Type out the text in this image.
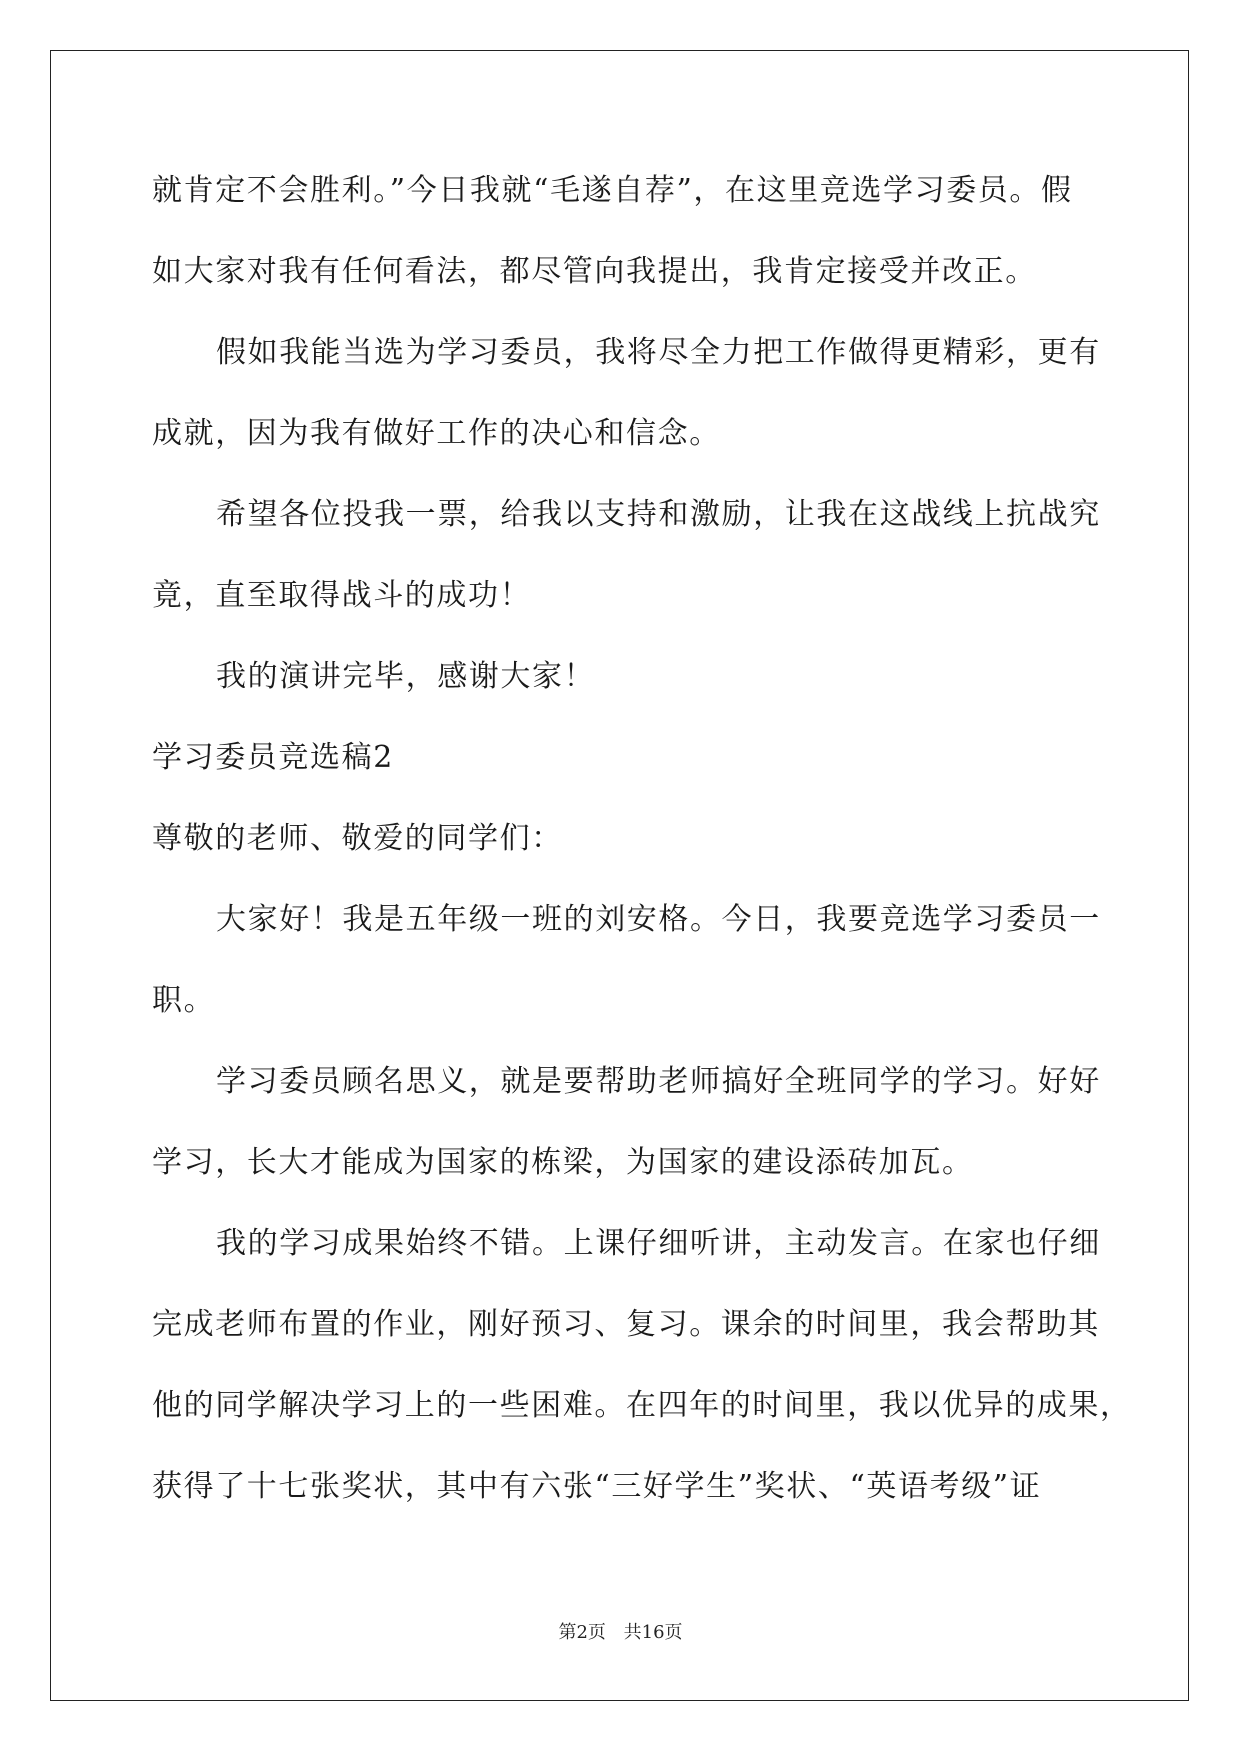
就肯定不会胜利。”今日我就“毛遂自荐”，在这里竞选学习委员。假
如大家对我有任何看法，都尽管向我提出，我肯定接受并改正。
假如我能当选为学习委员，我将尽全力把工作做得更精彩，更有
成就，因为我有做好工作的决心和信念。
希望各位投我一票，给我以支持和激励，让我在这战线上抗战究
竟，直至取得战斗的成功！
我的演讲完毕，感谢大家！
学习委员竞选稿2
尊敬的老师、敬爱的同学们：
大家好！我是五年级一班的刘安格。今日，我要竞选学习委员一
职。
学习委员顾名思义，就是要帮助老师搞好全班同学的学习。好好
学习，长大才能成为国家的栋梁，为国家的建设添砖加瓦。
我的学习成果始终不错。上课仔细听讲，主动发言。在家也仔细
完成老师布置的作业，刚好预习、复习。课余的时间里，我会帮助其
他的同学解决学习上的一些困难。在四年的时间里，我以优异的成果，
获得了十七张奖状，其中有六张“三好学生”奖状、“英语考级”证
第2页 共16页
